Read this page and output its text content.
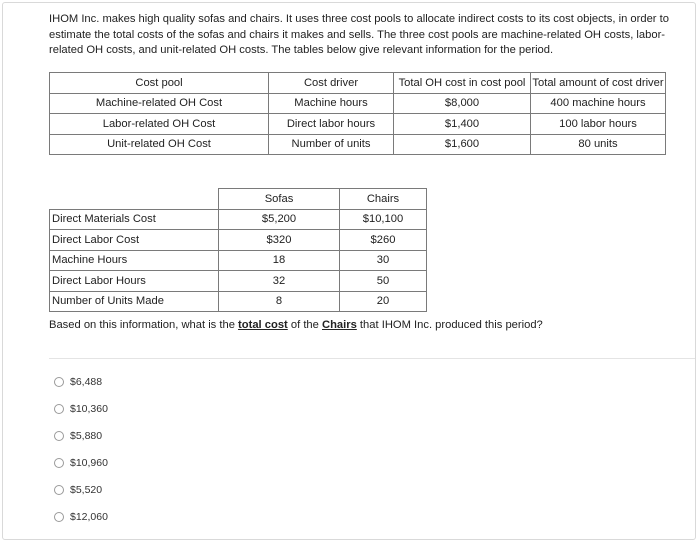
IHOM Inc. makes high quality sofas and chairs. It uses three cost pools to allocate indirect costs to its cost objects, in order to estimate the total costs of the sofas and chairs it makes and sells. The three cost pools are machine-related OH costs, labor-related OH costs, and unit-related OH costs. The tables below give relevant information for the period.
Cost pool	Cost driver	Total OH cost in cost pool	Total amount of cost driver
Machine-related OH Cost	Machine hours	$8,000	400 machine hours
Labor-related OH Cost	Direct labor hours	$1,400	100 labor hours
Unit-related OH Cost	Number of units	$1,600	80 units
	Sofas	Chairs
Direct Materials Cost	$5,200	$10,100
Direct Labor Cost	$320	$260
Machine Hours	18	30
Direct Labor Hours	32	50
Number of Units Made	8	20
Based on this information, what is the total cost of the Chairs that IHOM Inc. produced this period?
$6,488
$10,360
$5,880
$10,960
$5,520
$12,060
